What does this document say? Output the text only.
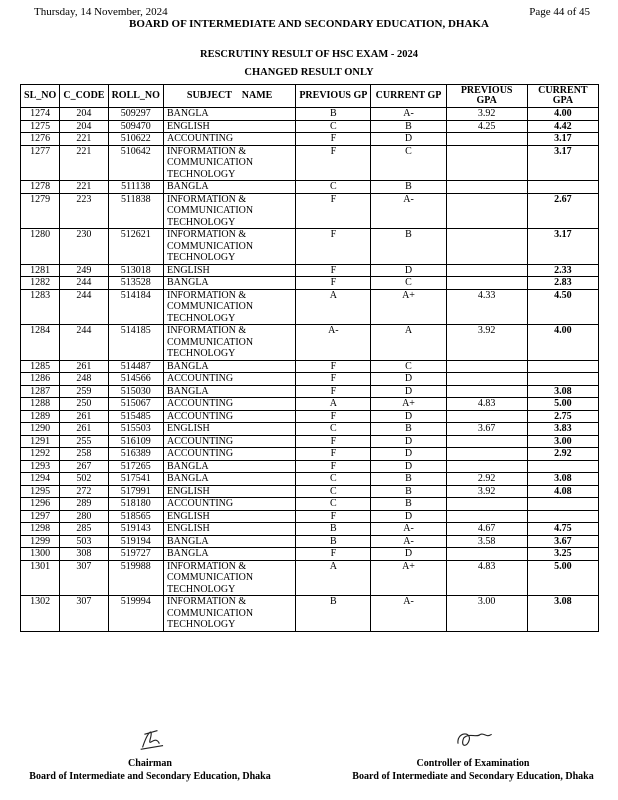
Thursday, 14 November, 2024	Page 44 of 45
BOARD OF INTERMEDIATE AND SECONDARY EDUCATION, DHAKA
RESCRUTINY RESULT OF HSC EXAM - 2024
CHANGED RESULT ONLY
SL_NO	C_CODE	ROLL_NO	SUBJECT    NAME	PREVIOUS GP	CURRENT GP	PREVIOUS GPA	CURRENT GPA
1274	204	509297	BANGLA	B	A-	3.92	4.00
1275	204	509470	ENGLISH	C	B	4.25	4.42
1276	221	510622	ACCOUNTING	F	D		3.17
1277	221	510642	INFORMATION & COMMUNICATION TECHNOLOGY	F	C		3.17
1278	221	511138	BANGLA	C	B		
1279	223	511838	INFORMATION & COMMUNICATION TECHNOLOGY	F	A-		2.67
1280	230	512621	INFORMATION & COMMUNICATION TECHNOLOGY	F	B		3.17
1281	249	513018	ENGLISH	F	D		2.33
1282	244	513528	BANGLA	F	C		2.83
1283	244	514184	INFORMATION & COMMUNICATION TECHNOLOGY	A	A+	4.33	4.50
1284	244	514185	INFORMATION & COMMUNICATION TECHNOLOGY	A-	A	3.92	4.00
1285	261	514487	BANGLA	F	C		
1286	248	514566	ACCOUNTING	F	D		
1287	259	515030	BANGLA	F	D		3.08
1288	250	515067	ACCOUNTING	A	A+	4.83	5.00
1289	261	515485	ACCOUNTING	F	D		2.75
1290	261	515503	ENGLISH	C	B	3.67	3.83
1291	255	516109	ACCOUNTING	F	D		3.00
1292	258	516389	ACCOUNTING	F	D		2.92
1293	267	517265	BANGLA	F	D		
1294	502	517541	BANGLA	C	B	2.92	3.08
1295	272	517991	ENGLISH	C	B	3.92	4.08
1296	289	518180	ACCOUNTING	C	B		
1297	280	518565	ENGLISH	F	D		
1298	285	519143	ENGLISH	B	A-	4.67	4.75
1299	503	519194	BANGLA	B	A-	3.58	3.67
1300	308	519727	BANGLA	F	D		3.25
1301	307	519988	INFORMATION & COMMUNICATION TECHNOLOGY	A	A+	4.83	5.00
1302	307	519994	INFORMATION & COMMUNICATION TECHNOLOGY	B	A-	3.00	3.08
Chairman
Board of Intermediate and Secondary Education, Dhaka
Controller of Examination
Board of Intermediate and Secondary Education, Dhaka
